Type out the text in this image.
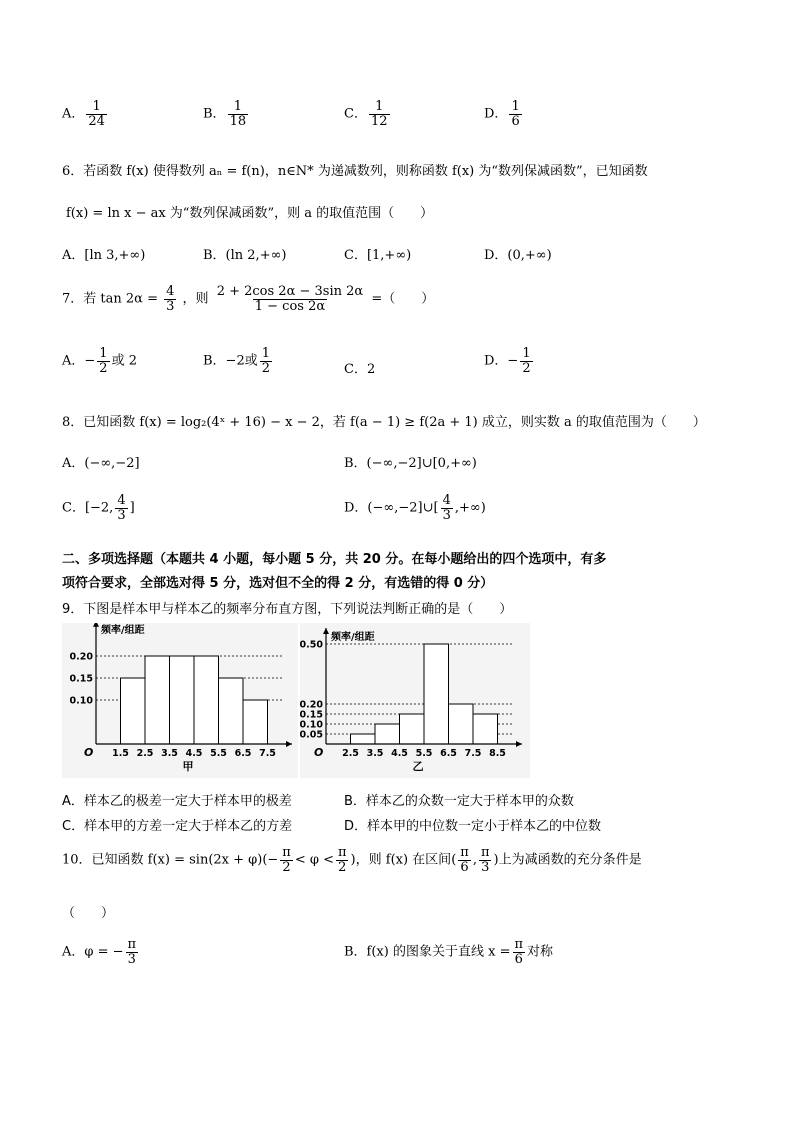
A． $\frac{1}{24}$	B． $\frac{1}{18}$	C． $\frac{1}{12}$	D． $\frac{1}{6}$
6．若函数 f(x) 使得数列 aₙ = f(n)，n∈N* 为递减数列，则称函数 f(x) 为“数列保减函数”，已知函数
f(x) = ln x − ax 为“数列保减函数”，则 a 的取值范围（　　）
A．[ln 3,+∞)	B．(ln 2,+∞)	C．[1,+∞)	D．(0,+∞)
7．若 $\tan 2\alpha = \frac{4}{3}$ ，则 $\frac{2 + 2\cos 2\alpha - 3\sin 2\alpha}{1 - \cos 2\alpha}$ =（　　）
A．− $\frac{1}{2}$ 或 2	B．−2或 $\frac{1}{2}$	C．2
D．− $\frac{1}{2}$
8．已知函数 f(x) = log₂(4ˣ + 16) − x − 2，若 f(a − 1) ≥ f(2a + 1) 成立，则实数 a 的取值范围为（　　）
A．(−∞,−2]	B．(−∞,−2]∪[0,+∞)
C．[−2, $\frac{4}{3}$ ]	D．(−∞,−2]∪[ $\frac{4}{3}$ ,+∞)
二、多项选择题（本题共 4 小题，每小题 5 分，共 20 分。在每小题给出的四个选项中，有多
项符合要求，全部选对得 5 分，选对但不全的得 2 分，有选错的得 0 分）
9．下图是样本甲与样本乙的频率分布直方图，下列说法判断正确的是（　　）
频率/组距
O 1.5 2.5 3.5 4.5 5.5 6.5 7.5
0.10
0.15
0.20
甲
频率/组距
O 2.5 3.5 4.5 5.5 6.5 7.5 8.5
0.05
0.10
0.15
0.20
0.50
乙
A．样本乙的极差一定大于样本甲的极差	B．样本乙的众数一定大于样本甲的众数
C．样本甲的方差一定大于样本乙的方差	D．样本甲的中位数一定小于样本乙的中位数
10．已知函数 $f(x) = \sin(2x + \varphi)(- \frac{\pi}{2} < \varphi < \frac{\pi}{2}$ )，则 f(x) 在区间( $\frac{\pi}{6}$ , $\frac{\pi}{3}$ )上为减函数的充分条件是
（　　）
A．φ = − $\frac{\pi}{3}$	B．f(x) 的图象关于直线 $x = \frac{\pi}{6}$ 对称
